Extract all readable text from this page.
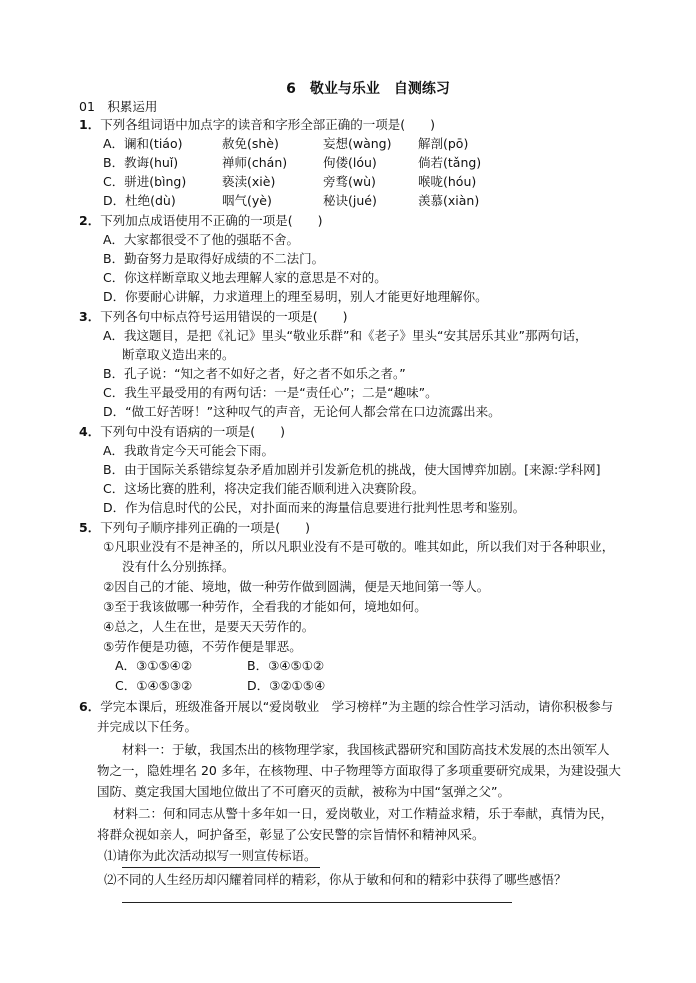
6　敬业与乐业　自测练习
01　积累运用
1．下列各组词语中加点字的读音和字形全部正确的一项是(　　)
A．谰和(tiáo)	赦免(shè)	妄想(wàng) 解剖(pō)
B．教诲(huǐ)	禅师(chán)	佝偻(lóu)	倘若(tǎng)
C．骈进(bìng)	亵渎(xiè)	旁骛(wù)	喉咙(hóu)
D．杜绝(dù)	咽气(yè)	秘诀(jué)	羡慕(xiàn)
2．下列加点成语使用不正确的一项是(　　)
A．大家都很受不了他的强聒不舍。
B．勤奋努力是取得好成绩的不二法门。
C．你这样断章取义地去理解人家的意思是不对的。
D．你要耐心讲解，力求道理上的理至易明，别人才能更好地理解你。
3．下列各句中标点符号运用错误的一项是(　　)
A．我这题目，是把《礼记》里头“敬业乐群”和《老子》里头“安其居乐其业”那两句话，
断章取义造出来的。
B．孔子说：“知之者不如好之者，好之者不如乐之者。”
C．我生平最受用的有两句话：一是“责任心”；二是“趣味”。
D．“做工好苦呀！”这种叹气的声音，无论何人都会常在口边流露出来。
4．下列句中没有语病的一项是(　　)
A．我敢肯定今天可能会下雨。
B．由于国际关系错综复杂矛盾加剧并引发新危机的挑战，使大国博弈加剧。[来源:学科网]
C．这场比赛的胜利，将决定我们能否顺利进入决赛阶段。
D．作为信息时代的公民，对扑面而来的海量信息要进行批判性思考和鉴别。
5．下列句子顺序排列正确的一项是(　　)
①凡职业没有不是神圣的，所以凡职业没有不是可敬的。唯其如此，所以我们对于各种职业，
没有什么分别拣择。
②因自己的才能、境地，做一种劳作做到圆满，便是天地间第一等人。
③至于我该做哪一种劳作，全看我的才能如何，境地如何。
④总之，人生在世，是要天天劳作的。
⑤劳作便是功德，不劳作便是罪恶。
A．③①⑤④②	B．③④⑤①②
C．①④⑤③②	D．③②①⑤④
6．学完本课后，班级准备开展以“爱岗敬业　学习榜样”为主题的综合性学习活动，请你积极参与
并完成以下任务。
材料一：于敏，我国杰出的核物理学家，我国核武器研究和国防高技术发展的杰出领军人
物之一，隐姓埋名 20 多年，在核物理、中子物理等方面取得了多项重要研究成果，为建设强大
国防、奠定我国大国地位做出了不可磨灭的贡献，被称为中国“氢弹之父”。
材料二：何和同志从警十多年如一日，爱岗敬业，对工作精益求精，乐于奉献，真情为民，
将群众视如亲人，呵护备至，彰显了公安民警的宗旨情怀和精神风采。
⑴请你为此次活动拟写一则宣传标语。
⑵不同的人生经历却闪耀着同样的精彩，你从于敏和何和的精彩中获得了哪些感悟？
